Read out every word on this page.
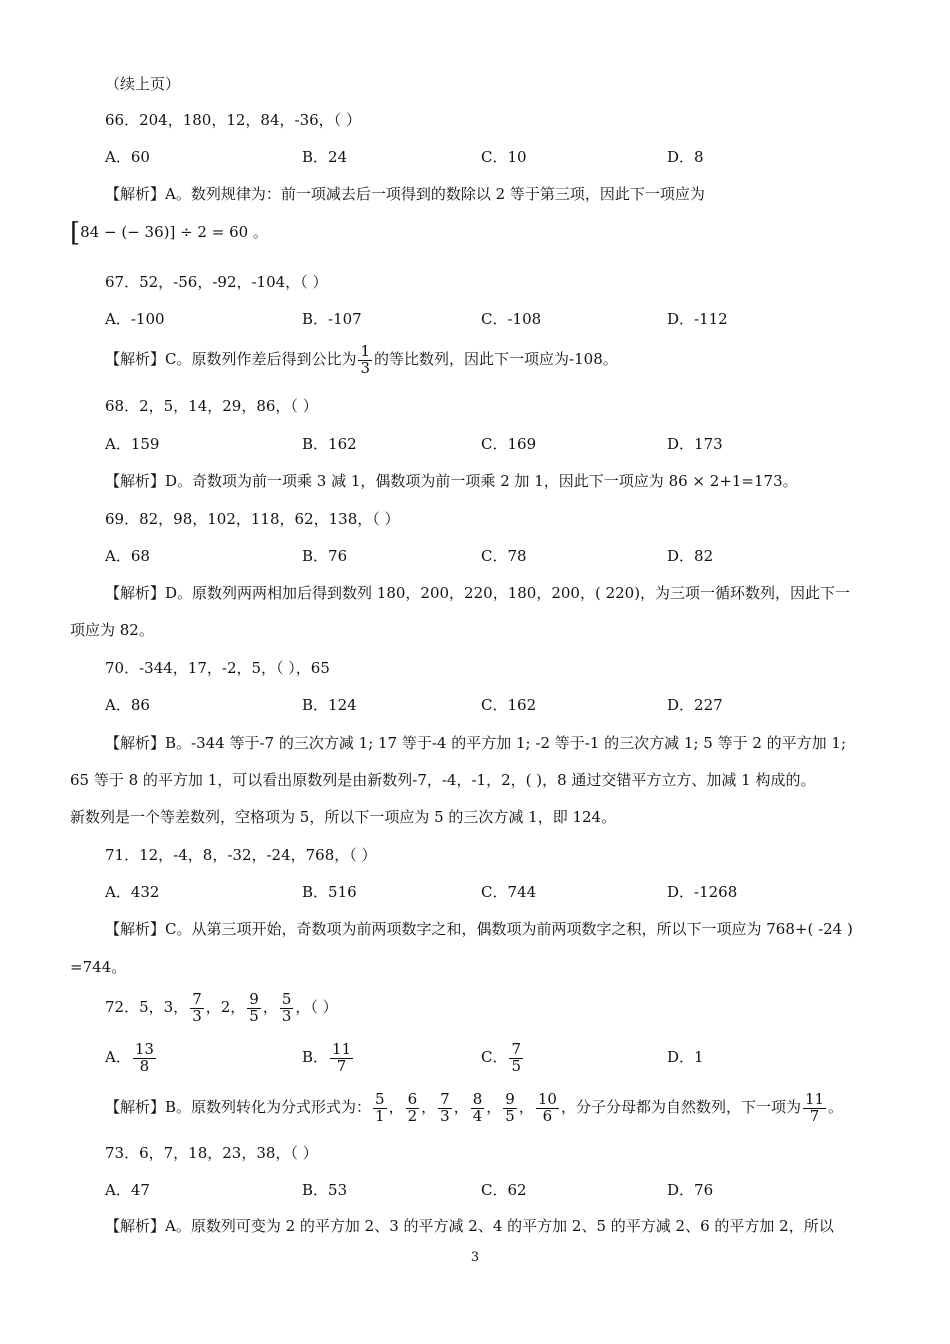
（续上页）
66．204，180，12，84，-36，（ ）
A．60	B．24	C．10	D．8
【解析】A。数列规律为：前一项减去后一项得到的数除以 2 等于第三项，因此下一项应为
[84 − (− 36)] ÷ 2 = 60 。
67．52，-56，-92，-104，（ ）
A．-100	B．-107	C．-108	D．-112
【解析】C。原数列作差后得到公比为 $\frac{1}{3}$ 的等比数列，因此下一项应为-108。
68．2，5，14，29，86，（ ）
A．159	B．162	C．169	D．173
【解析】D。奇数项为前一项乘 3 减 1，偶数项为前一项乘 2 加 1，因此下一项应为 86 × 2+1=173。
69．82，98，102，118，62，138，（ ）
A．68	B．76	C．78	D．82
【解析】D。原数列两两相加后得到数列 180，200，220，180，200，( 220)，为三项一循环数列，因此下一
项应为 82。
70．-344，17，-2，5，（ ），65
A．86	B．124	C．162	D．227
【解析】B。-344 等于-7 的三次方减 1; 17 等于-4 的平方加 1; -2 等于-1 的三次方减 1; 5 等于 2 的平方加 1;
65 等于 8 的平方加 1，可以看出原数列是由新数列-7，-4，-1，2，( )，8 通过交错平方立方、加减 1 构成的。
新数列是一个等差数列，空格项为 5，所以下一项应为 5 的三次方减 1，即 124。
71．12，-4，8，-32，-24，768，（ ）
A．432	B．516	C．744	D．-1268
【解析】C。从第三项开始，奇数项为前两项数字之和，偶数项为前两项数字之积，所以下一项应为 768+( -24 )
=744。
72．5，3， $\frac{7}{3}$ ，2， $\frac{9}{5}$ ， $\frac{5}{3}$ ，（ ）
A． $\frac{13}{8}$	B． $\frac{11}{7}$	C． $\frac{7}{5}$	D．1
【解析】B。原数列转化为分式形式为： $\frac{5}{1}$ ， $\frac{6}{2}$ ， $\frac{7}{3}$ ， $\frac{8}{4}$ ， $\frac{9}{5}$ ， $\frac{10}{6}$ ，分子分母都为自然数列，下一项为 $\frac{11}{7}$ 。
73．6，7，18，23，38，（ ）
A．47	B．53	C．62	D．76
【解析】A。原数列可变为 2 的平方加 2、3 的平方减 2、4 的平方加 2、5 的平方减 2、6 的平方加 2，所以
3
